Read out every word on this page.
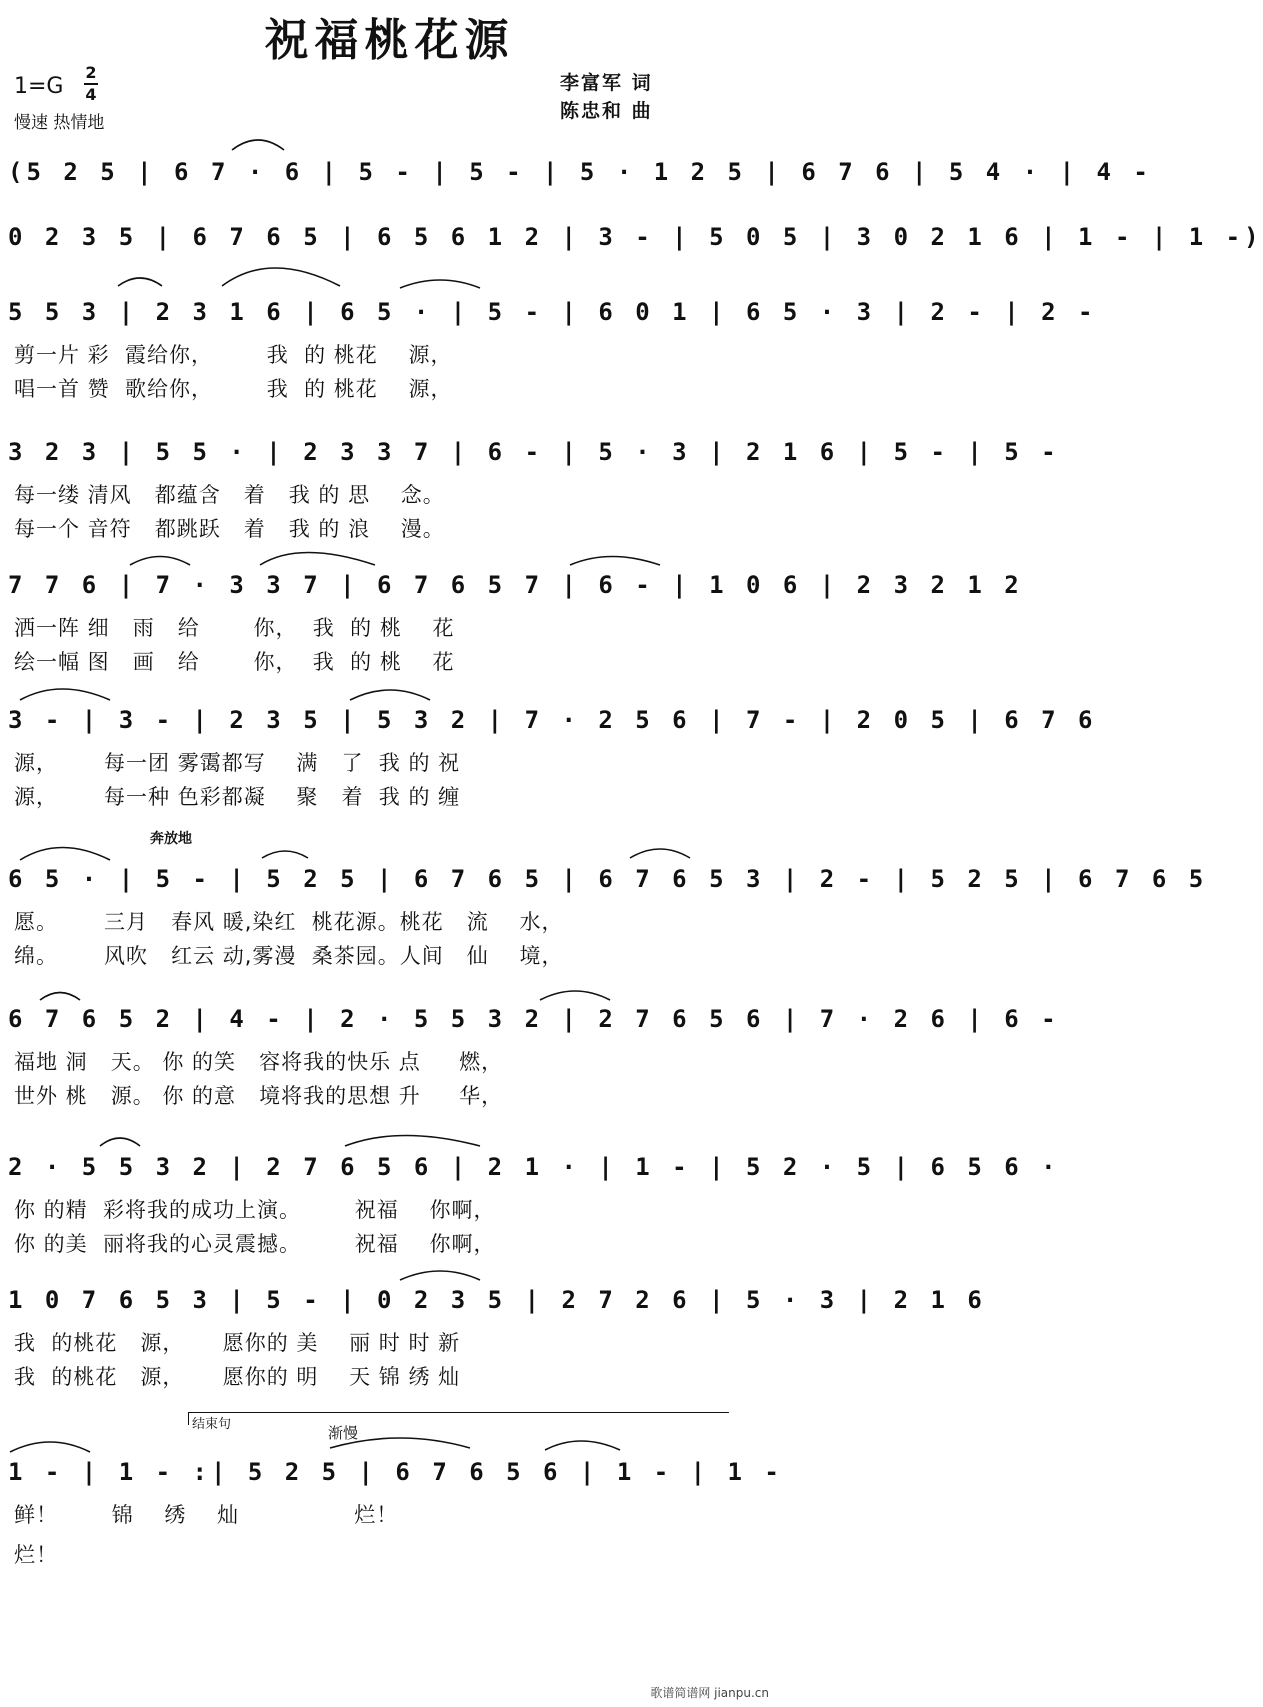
祝福桃花源
1=G
2
4
慢速 热情地
李富军 词
陈忠和 曲
(5 2 5 | 6 7 · 6 | 5 - | 5 - | 5 · 1 2 5 | 6 7 6 | 5 4 · | 4 -
0 2 3 5 | 6 7 6 5 | 6 5 6 1 2 | 3 - | 5 0 5 | 3 0 2 1 6 | 1 - | 1 -)
5 5 3 | 2 3 1 6 | 6 5 · | 5 - | 6 0 1 | 6 5 · 3 | 2 - | 2 -
剪一片 彩  霞给你，       我  的 桃花    源，
唱一首 赞  歌给你，       我  的 桃花    源，
3 2 3 | 5 5 · | 2 3 3 7 | 6 - | 5 · 3 | 2 1 6 | 5 - | 5 -
每一缕 清风   都蕴含   着   我 的 思    念。
每一个 音符   都跳跃   着   我 的 浪    漫。
7 7 6 | 7 · 3 3 7 | 6 7 6 5 7 | 6 - | 1 0 6 | 2 3 2 1 2
洒一阵 细   雨   给       你，  我  的 桃    花
绘一幅 图   画   给       你，  我  的 桃    花
3 - | 3 - | 2 3 5 | 5 3 2 | 7 · 2 5 6 | 7 - | 2 0 5 | 6 7 6
源，      每一团 雾霭都写    满   了  我 的 祝
源，      每一种 色彩都凝    聚   着  我 的 缠
奔放地
6 5 · | 5 - | 5 2 5 | 6 7 6 5 | 6 7 6 5 3 | 2 - | 5 2 5 | 6 7 6 5
愿。      三月   春风 暖,染红  桃花源。桃花   流    水，
绵。      风吹   红云 动,雾漫  桑茶园。人间   仙    境，
6 7 6 5 2 | 4 - | 2 · 5 5 3 2 | 2 7 6 5 6 | 7 · 2 6 | 6 -
福地 洞   天。 你 的笑   容将我的快乐 点     燃，
世外 桃   源。 你 的意   境将我的思想 升     华，
2 · 5 5 3 2 | 2 7 6 5 6 | 2 1 · | 1 - | 5 2 · 5 | 6 5 6 ·
你 的精  彩将我的成功上演。       祝福    你啊，
你 的美  丽将我的心灵震撼。       祝福    你啊，
1 0 7 6 5 3 | 5 - | 0 2 3 5 | 2 7 2 6 | 5 · 3 | 2 1 6
我  的桃花   源，     愿你的 美    丽 时 时 新
我  的桃花   源，     愿你的 明    天 锦 绣 灿
结束句	渐慢
1 - | 1 - :| 5 2 5 | 6 7 6 5 6 | 1 - | 1 -
鲜！       锦    绣    灿               烂！
烂！
歌谱简谱网 jianpu.cn
